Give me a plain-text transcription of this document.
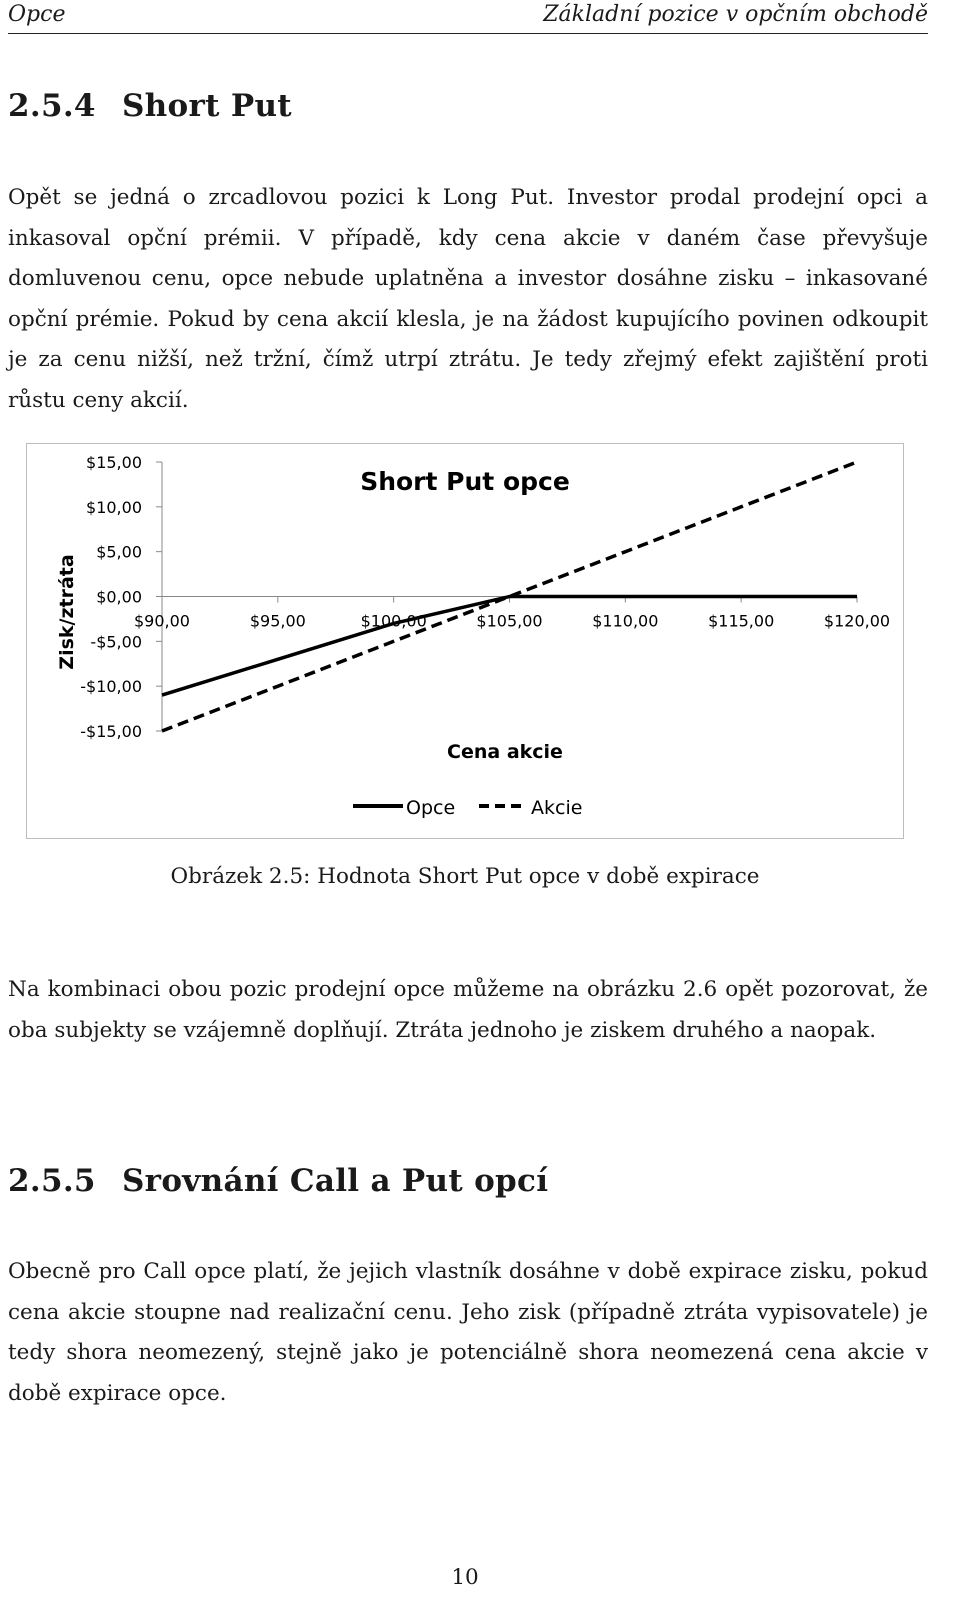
Opce	Základní pozice v opčním obchodě
2.5.4 Short Put
Opět se jedná o zrcadlovou pozici k Long Put. Investor prodal prodejní opci a inkasoval opční prémii. V případě, kdy cena akcie v daném čase převyšuje domluvenou cenu, opce nebude uplatněna a investor dosáhne zisku – inkasované opční prémie. Pokud by cena akcií klesla, je na žádost kupujícího povinen odkoupit je za cenu nižší, než tržní, čímž utrpí ztrátu. Je tedy zřejmý efekt zajištění proti růstu ceny akcií.
Short Put opce
Zisk/ztráta
Cena akcie
$15,00
$10,00
$5,00
$0,00
-$5,00
-$10,00
-$15,00
$90,00	$95,00	$100,00	$105,00	$110,00	$115,00	$120,00
Opce	Akcie
Obrázek 2.5: Hodnota Short Put opce v době expirace
Na kombinaci obou pozic prodejní opce můžeme na obrázku 2.6 opět pozorovat, že oba subjekty se vzájemně doplňují. Ztráta jednoho je ziskem druhého a naopak.
2.5.5 Srovnání Call a Put opcí
Obecně pro Call opce platí, že jejich vlastník dosáhne v době expirace zisku, pokud cena akcie stoupne nad realizační cenu. Jeho zisk (případně ztráta vypisovatele) je tedy shora neomezený, stejně jako je potenciálně shora neomezená cena akcie v době expirace opce.
10
